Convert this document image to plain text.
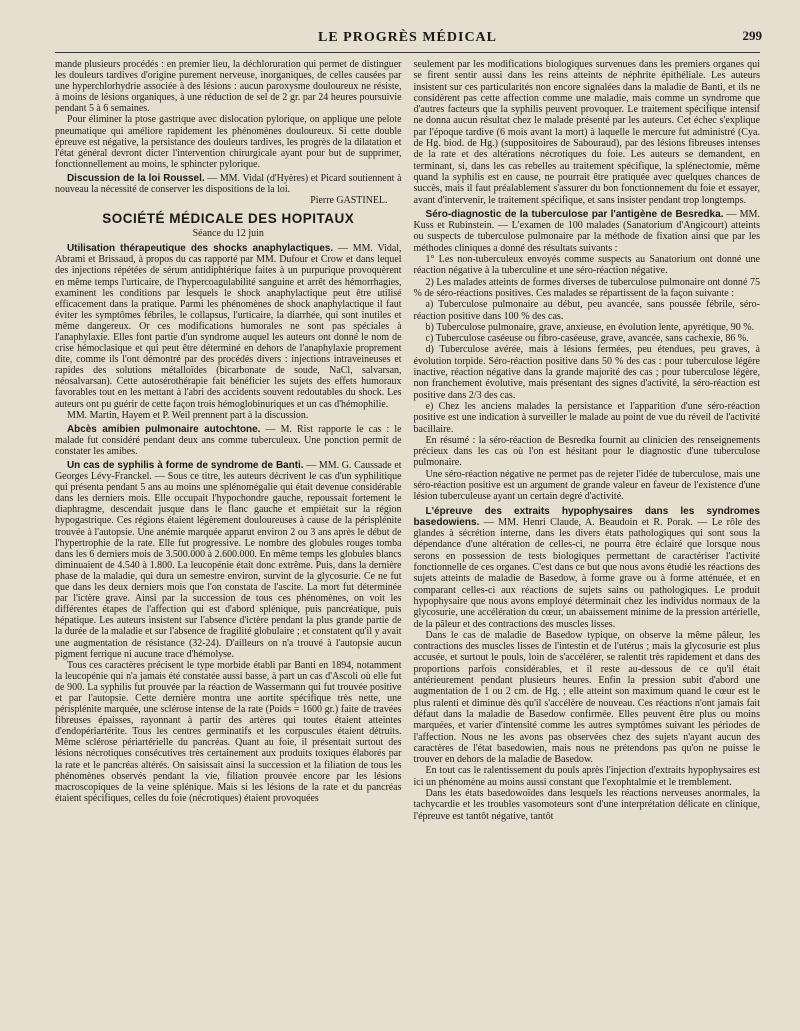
LE PROGRÈS MÉDICAL	299

mande plusieurs procédés : en premier lieu, la déchloruration qui permet de distinguer les douleurs tardives d'origine purement nerveuse, inorganiques, de celles causées par une hyperchlorhydrie associée à des lésions : aucun paroxysme douloureux ne résiste, à moins de lésions organiques, à une réduction de sel de 2 gr. par 24 heures poursuivie pendant 5 à 6 semaines.

Pour éliminer la ptose gastrique avec dislocation pylorique, on applique une pelote pneumatique qui améliore rapidement les phénomènes douloureux. Si cette double épreuve est négative, la persistance des douleurs tardives, les progrès de la dilatation et l'état général devront dicter l'intervention chirurgicale ayant pour but de supprimer, fonctionnellement au moins, le sphincter pylorique.

Discussion de la loi Roussel. — MM. Vidal (d'Hyères) et Picard soutiennent à nouveau la nécessité de conserver les dispositions de la loi.

Pierre GASTINEL.

SOCIÉTÉ MÉDICALE DES HOPITAUX
Séance du 12 juin

Utilisation thérapeutique des shocks anaphylactiques. — MM. Vidal, Abrami et Brissaud, à propos du cas rapporté par MM. Dufour et Crow et dans lequel des injections répétées de sérum antidiphtérique faites à un purpurique provoquèrent en même temps l'urticaire, de l'hypercoagulabilité sanguine et arrêt des hémorrhagies, examinent les conditions par lesquels le shock anaphylactique peut être utilisé efficacement dans la pratique. Parmi les phénomènes de shock anaphylactique il faut éviter les symptômes fébriles, le collapsus, l'urticaire, la diarrhée, qui sont inutiles et même dangereux. Or ces modifications humorales ne sont pas spéciales à l'anaphylaxie. Elles font partie d'un syndrome auquel les auteurs ont donné le nom de crise hémoclasique et qui peut être déterminé en dehors de l'anaphylaxie proprement dite, comme ils l'ont démontré par des procédés divers : injections intraveineuses et rapides des solutions métalloïdes (bicarbonate de soude, NaCl, salvarsan, néosalvarsan). Cette autosérothérapie fait bénéficier les sujets des effets humoraux favorables tout en les mettant à l'abri des accidents souvent redoutables du shock. Les auteurs ont pu guérir de cette façon trois hémoglobinuriques et un cas d'hémophilie.

MM. Martin, Hayem et P. Weil prennent part à la discussion.

Abcès amibien pulmonaire autochtone. — M. Rist rapporte le cas : le malade fut considéré pendant deux ans comme tuberculeux. Une ponction permit de constater les amibes.

Un cas de syphilis à forme de syndrome de Banti. — MM. G. Caussade et Georges Lévy-Franckel. — Sous ce titre, les auteurs décrivent le cas d'un syphilitique qui présenta pendant 5 ans au moins une splénomégalie qui était devenue considérable dans les derniers mois. Elle occupait l'hypochondre gauche, repoussait fortement le diaphragme, descendait jusque dans le flanc gauche et empiétait sur la région hypogastrique. Ces régions étaient légèrement douloureuses à cause de la périsplénite trouvée à l'autopsie. Une anémie marquée apparut environ 2 ou 3 ans après le début de l'hypertrophie de la rate. Elle fut progressive. Le nombre des globules rouges tomba dans les 6 derniers mois de 3.500.000 à 2.600.000. En même temps les globules blancs diminuaient de 4.540 à 1.800. La leucopénie était donc extrême. Puis, dans la dernière phase de la maladie, qui dura un semestre environ, survint de la glycosurie. Ce ne fut que dans les deux derniers mois que l'on constata de l'ascite. La mort fut déterminée par l'ictère grave. Ainsi par la succession de tous ces phénomènes, on voit les différentes étapes de l'affection qui est d'abord splénique, puis pancréatique, puis hépatique. Les auteurs insistent sur l'absence d'ictère pendant la plus grande partie de la durée de la maladie et sur l'absence de fragilité globulaire ; et constatent qu'il y avait une augmentation de résistance (32-24). D'ailleurs on n'a trouvé à l'autopsie aucun pigment ferrique ni aucune trace d'hémolyse.

Tous ces caractères précisent le type morbide établi par Banti en 1894, notamment la leucopénie qui n'a jamais été constatée aussi basse, à part un cas d'Ascoli où elle fut de 900. La syphilis fut prouvée par la réaction de Wassermann qui fut trouvée positive et par l'autopsie. Cette dernière montra une aortite spécifique très nette, une périsplénite marquée, une sclérose intense de la rate (Poids = 1600 gr.) faite de travées fibreuses épaisses, rayonnant à partir des artères qui toutes étaient atteintes d'endopériartérite. Tous les centres germinatifs et les corpuscules étaient détruits. Même sclérose périartérielle du pancréas. Quant au foie, il présentait surtout des lésions nécrotiques consécutives très certainement aux produits toxiques élaborés par la rate et le pancréas altérés. On saisissait ainsi la succession et la filiation de tous les phénomènes observés pendant la vie, filiation prouvée encore par les lésions macroscopiques de la veine splénique. Mais si les lésions de la rate et du pancréas étaient spécifiques, celles du foie (nécrotiques) étaient provoquées

seulement par les modifications biologiques survenues dans les premiers organes qui se firent sentir aussi dans les reins atteints de néphrite épithéliale. Les auteurs insistent sur ces particularités non encore signalées dans la maladie de Banti, et ils ne considèrent pas cette affection comme une maladie, mais comme un syndrome que d'autres facteurs que la syphilis peuvent provoquer. Le traitement spécifique intensif ne donna aucun résultat chez le malade présenté par les auteurs. Cet échec s'explique par l'époque tardive (6 mois avant la mort) à laquelle le mercure fut administré (Cya. de Hg. biod. de Hg.) (suppositoires de Sabouraud), par des lésions fibreuses intenses de la rate et des altérations nécrotiques du foie. Les auteurs se demandent, en terminant, si, dans les cas rebelles au traitement spécifique, la splénectomie, même quand la syphilis est en cause, ne pourrait être pratiquée avec quelques chances de succès, mais il faut préalablement s'assurer du bon fonctionnement du foie et essayer, avant d'intervenir, le traitement spécifique, et sans insister pendant trop longtemps.

Séro-diagnostic de la tuberculose par l'antigène de Besredka. — MM. Kuss et Rubinstein. — L'examen de 100 malades (Sanatorium d'Angicourt) atteints ou suspects de tuberculose pulmonaire par la méthode de fixation ainsi que par les méthodes cliniques a donné des résultats suivants :

1° Les non-tuberculeux envoyés comme suspects au Sanatorium ont donné une réaction négative à la tuberculine et une séro-réaction négative.

2) Les malades atteints de formes diverses de tuberculose pulmonaire ont donné 75 % de séro-réactions positives. Ces malades se répartissent de la façon suivante :

a) Tuberculose pulmonaire au début, peu avancée, sans poussée fébrile, séro-réaction positive dans 100 % des cas.

b) Tuberculose pulmonaire, grave, anxieuse, en évolution lente, apyrétique, 90 %.

c) Tuberculose caséeuse ou fibro-caséeuse, grave, avancée, sans cachexie, 86 %.

d) Tuberculose avérée, mais à lésions fermées, peu étendues, peu graves, à évolution torpide. Séro-réaction positive dans 50 % des cas : pour tuberculose légère inactive, réaction négative dans la grande majorité des cas ; pour tuberculose légère, non franchement évolutive, mais présentant des signes d'activité, la séro-réaction est positive dans 2/3 des cas.

e) Chez les anciens malades la persistance et l'apparition d'une séro-réaction positive est une indication à surveiller le malade au point de vue du réveil de l'activité bacillaire.

En résumé : la séro-réaction de Besredka fournit au clinicien des renseignements précieux dans les cas où l'on est hésitant pour le diagnostic d'une tuberculose pulmonaire.

Une séro-réaction négative ne permet pas de rejeter l'idée de tuberculose, mais une séro-réaction positive est un argument de grande valeur en faveur de l'existence d'une lésion tuberculeuse ayant un certain degré d'activité.

L'épreuve des extraits hypophysaires dans les syndromes basedowiens. — MM. Henri Claude, A. Beaudoin et R. Porak. — Le rôle des glandes à sécrétion interne, dans les divers états pathologiques qui sont sous la dépendance d'une altération de celles-ci, ne pourra être éclairé que lorsque nous serons en possession de tests biologiques permettant de caractériser l'activité fonctionnelle de ces organes. C'est dans ce but que nous avons étudié les réactions des sujets atteints de maladie de Basedow, à forme grave ou à forme atténuée, et en comparant celles-ci aux réactions de sujets sains ou pathologiques. Le produit hypophysaire que nous avons employé déterminait chez les individus normaux de la glycosurie, une accélération du cœur, un abaissement minime de la pression artérielle, de la pâleur et des contractions des muscles lisses.

Dans le cas de maladie de Basedow typique, on observe la même pâleur, les contractions des muscles lisses de l'intestin et de l'utérus ; mais la glycosurie est plus accusée, et surtout le pouls, loin de s'accélérer, se ralentit très rapidement et dans des proportions parfois considérables, et il reste au-dessous de ce qu'il était antérieurement pendant plusieurs heures. Enfin la pression subit d'abord une augmentation de 1 ou 2 cm. de Hg. ; elle atteint son maximum quand le cœur est le plus ralenti et diminue dès qu'il s'accélère de nouveau. Ces réactions n'ont jamais fait défaut dans la maladie de Basedow confirmée. Elles peuvent être plus ou moins marquées, et varier d'intensité comme les autres symptômes suivant les périodes de l'affection. Nous ne les avons pas observées chez des sujets n'ayant aucun des caractères de l'état basedowien, mais nous ne prétendons pas qu'on ne puisse le trouver en dehors de la maladie de Basedow.

En tout cas le ralentissement du pouls après l'injection d'extraits hypophysaires est ici un phénomène au moins aussi constant que l'exophtalmie et le tremblement.

Dans les états basedowoïdes dans lesquels les réactions nerveuses anormales, la tachycardie et les troubles vasomoteurs sont d'une interprétation délicate en clinique, l'épreuve est tantôt négative, tantôt
